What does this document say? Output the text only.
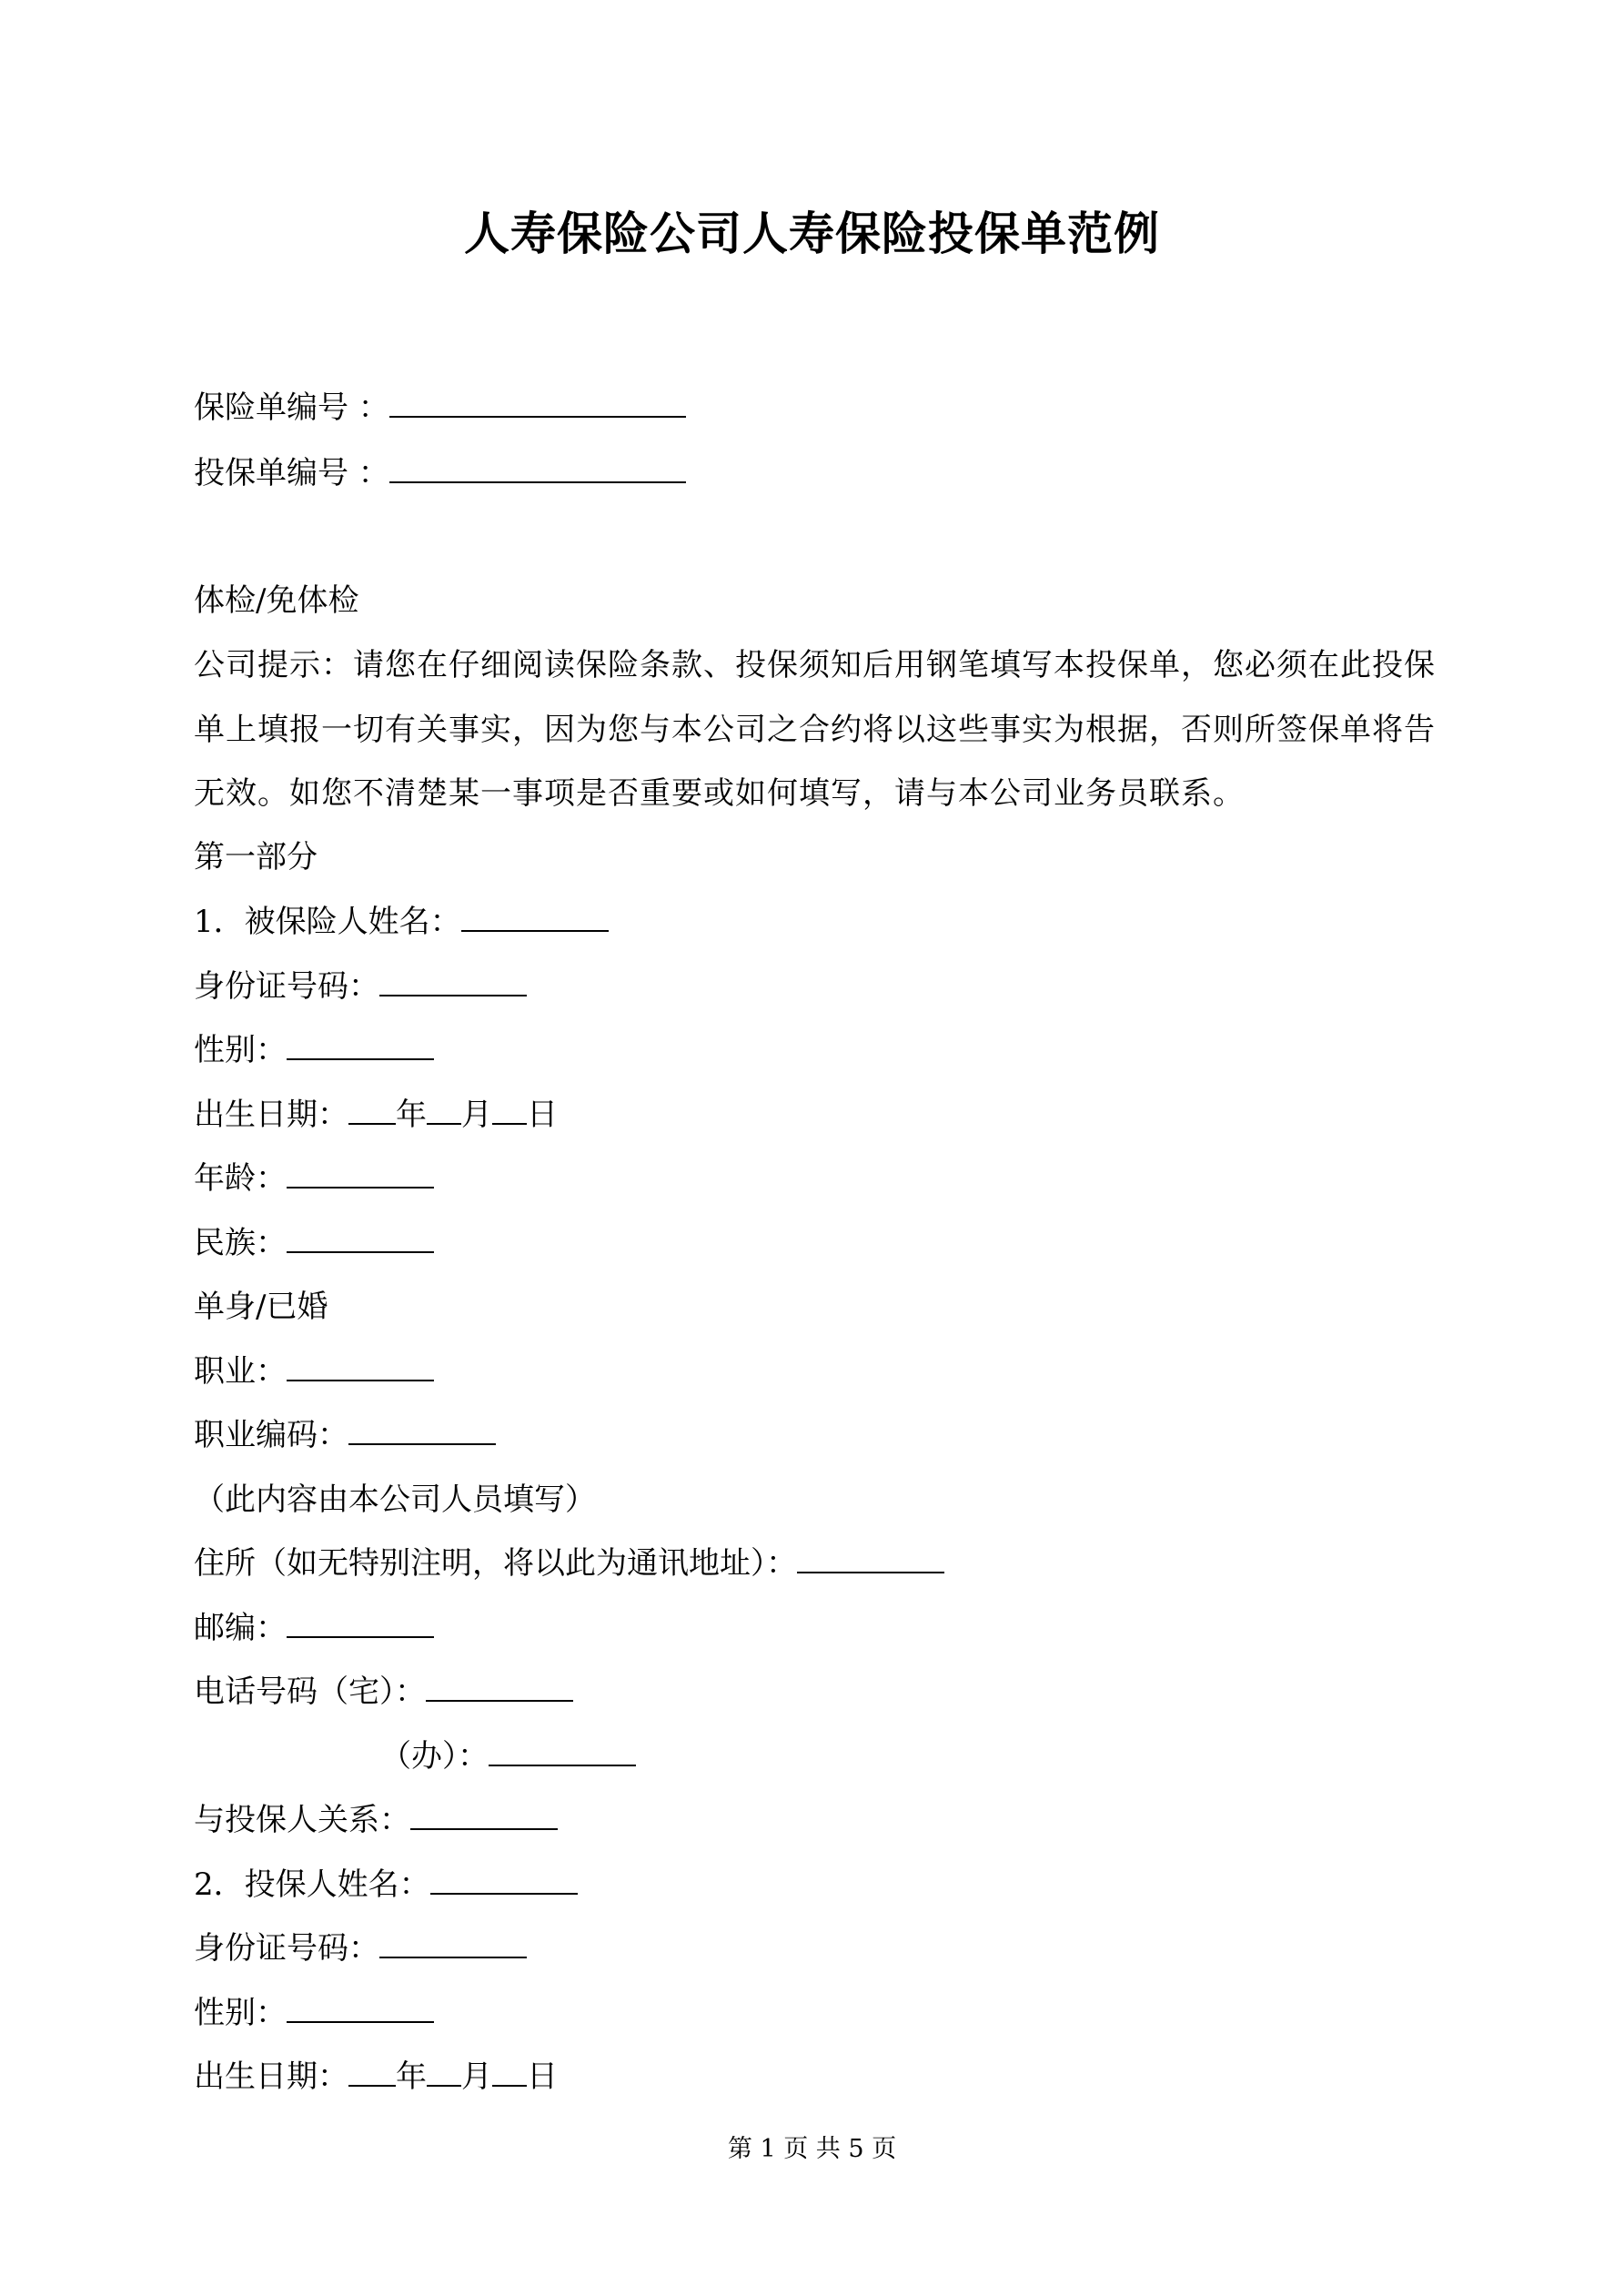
人寿保险公司人寿保险投保单范例
保险单编号 ：
投保单编号 ：
体检/免体检
公司提示：请您在仔细阅读保险条款、投保须知后用钢笔填写本投保单，您必须在此投保单上填报一切有关事实，因为您与本公司之合约将以这些事实为根据，否则所签保单将告无效。如您不清楚某一事项是否重要或如何填写，请与本公司业务员联系。
第一部分
1．被保险人姓名：
身份证号码：
性别：
出生日期： 年 月 日
年龄：
民族：
单身/已婚
职业：
职业编码：
（此内容由本公司人员填写）
住所（如无特别注明，将以此为通讯地址）：
邮编：
电话号码（宅）：
（办）：
与投保人关系：
2．投保人姓名：
身份证号码：
性别：
出生日期： 年 月 日
第 1 页 共 5 页
